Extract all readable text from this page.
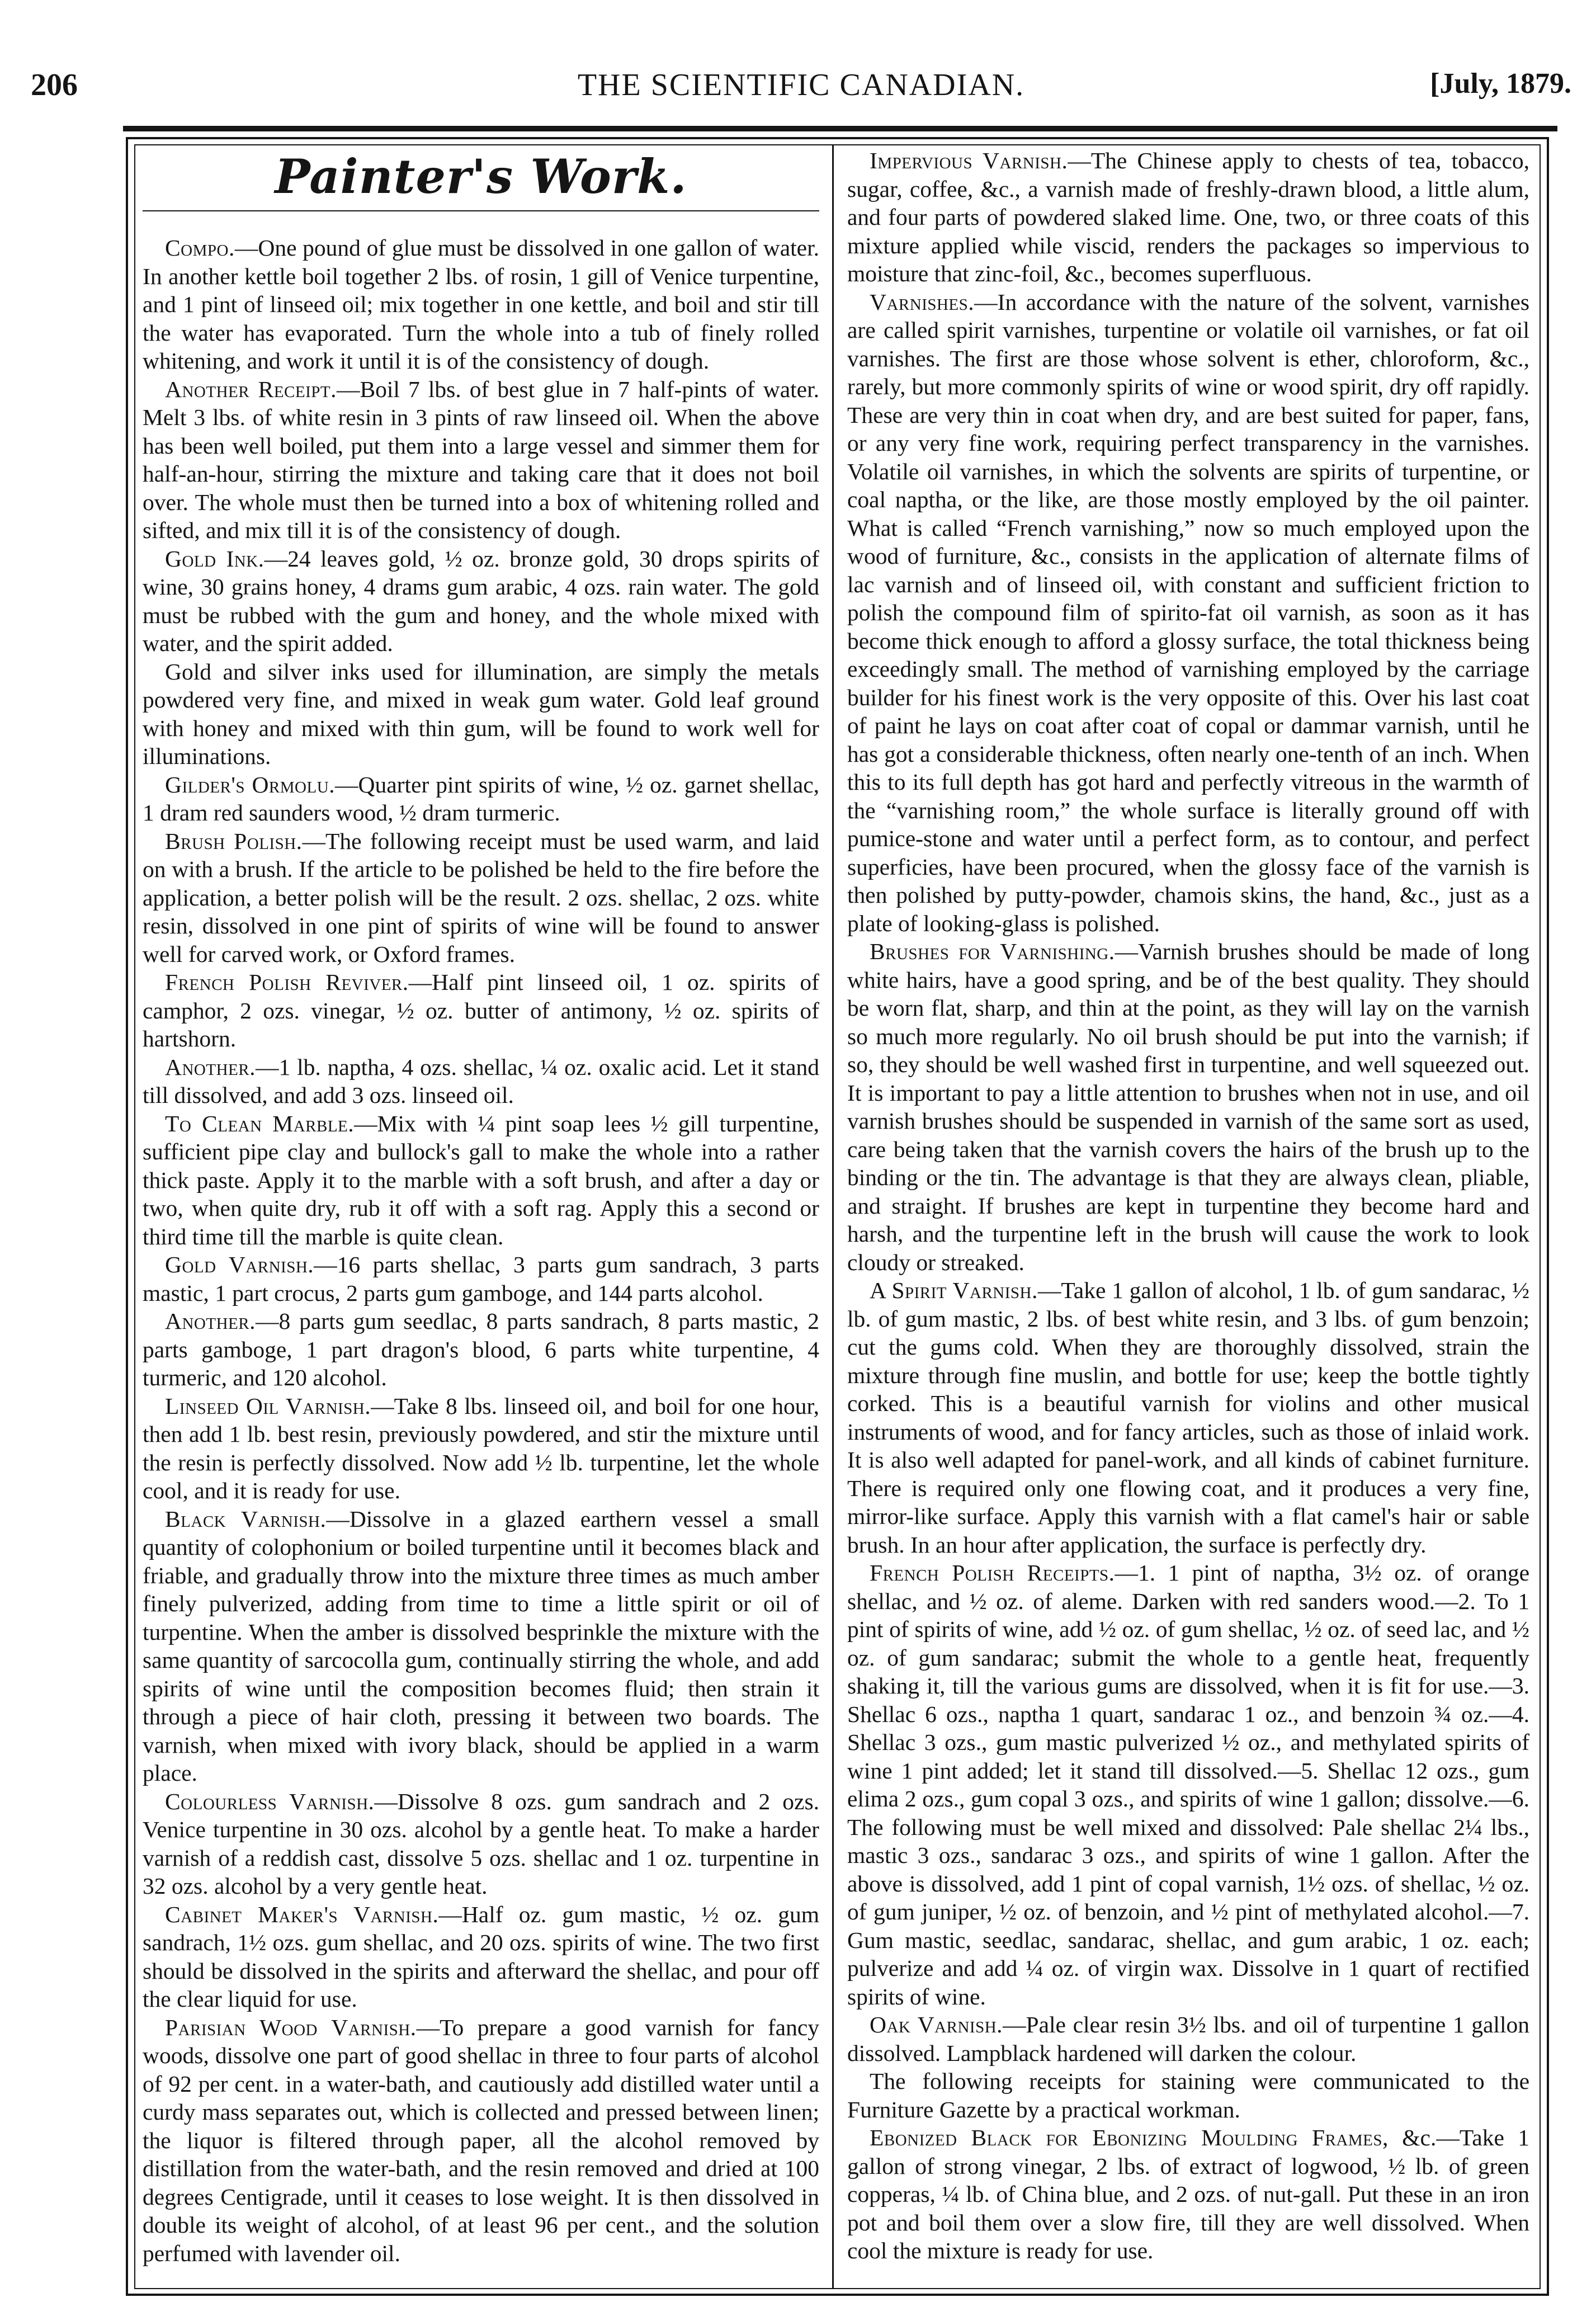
206	THE SCIENTIFIC CANADIAN.	[July, 1879.
Painter's Work.

Compo.—One pound of glue must be dissolved in one gallon of water. In another kettle boil together 2 lbs. of rosin, 1 gill of Venice turpentine, and 1 pint of linseed oil; mix together in one kettle, and boil and stir till the water has evaporated. Turn the whole into a tub of finely rolled whitening, and work it until it is of the consistency of dough.

Another Receipt.—Boil 7 lbs. of best glue in 7 half-pints of water. Melt 3 lbs. of white resin in 3 pints of raw linseed oil. When the above has been well boiled, put them into a large vessel and simmer them for half-an-hour, stirring the mixture and taking care that it does not boil over. The whole must then be turned into a box of whitening rolled and sifted, and mix till it is of the consistency of dough.

Gold Ink.—24 leaves gold, ½ oz. bronze gold, 30 drops spirits of wine, 30 grains honey, 4 drams gum arabic, 4 ozs. rain water. The gold must be rubbed with the gum and honey, and the whole mixed with water, and the spirit added.

Gold and silver inks used for illumination, are simply the metals powdered very fine, and mixed in weak gum water. Gold leaf ground with honey and mixed with thin gum, will be found to work well for illuminations.

Gilder's Ormolu.—Quarter pint spirits of wine, ½ oz. garnet shellac, 1 dram red saunders wood, ½ dram turmeric.

Brush Polish.—The following receipt must be used warm, and laid on with a brush. If the article to be polished be held to the fire before the application, a better polish will be the result. 2 ozs. shellac, 2 ozs. white resin, dissolved in one pint of spirits of wine will be found to answer well for carved work, or Oxford frames.

French Polish Reviver.—Half pint linseed oil, 1 oz. spirits of camphor, 2 ozs. vinegar, ½ oz. butter of antimony, ½ oz. spirits of hartshorn.

Another.—1 lb. naptha, 4 ozs. shellac, ¼ oz. oxalic acid. Let it stand till dissolved, and add 3 ozs. linseed oil.

To Clean Marble.—Mix with ¼ pint soap lees ½ gill turpentine, sufficient pipe clay and bullock's gall to make the whole into a rather thick paste. Apply it to the marble with a soft brush, and after a day or two, when quite dry, rub it off with a soft rag. Apply this a second or third time till the marble is quite clean.

Gold Varnish.—16 parts shellac, 3 parts gum sandrach, 3 parts mastic, 1 part crocus, 2 parts gum gamboge, and 144 parts alcohol.

Another.—8 parts gum seedlac, 8 parts sandrach, 8 parts mastic, 2 parts gamboge, 1 part dragon's blood, 6 parts white turpentine, 4 turmeric, and 120 alcohol.

Linseed Oil Varnish.—Take 8 lbs. linseed oil, and boil for one hour, then add 1 lb. best resin, previously powdered, and stir the mixture until the resin is perfectly dissolved. Now add ½ lb. turpentine, let the whole cool, and it is ready for use.

Black Varnish.—Dissolve in a glazed earthern vessel a small quantity of colophonium or boiled turpentine until it becomes black and friable, and gradually throw into the mixture three times as much amber finely pulverized, adding from time to time a little spirit or oil of turpentine. When the amber is dissolved besprinkle the mixture with the same quantity of sarcocolla gum, continually stirring the whole, and add spirits of wine until the composition becomes fluid; then strain it through a piece of hair cloth, pressing it between two boards. The varnish, when mixed with ivory black, should be applied in a warm place.

Colourless Varnish.—Dissolve 8 ozs. gum sandrach and 2 ozs. Venice turpentine in 30 ozs. alcohol by a gentle heat. To make a harder varnish of a reddish cast, dissolve 5 ozs. shellac and 1 oz. turpentine in 32 ozs. alcohol by a very gentle heat.

Cabinet Maker's Varnish.—Half oz. gum mastic, ½ oz. gum sandrach, 1½ ozs. gum shellac, and 20 ozs. spirits of wine. The two first should be dissolved in the spirits and afterward the shellac, and pour off the clear liquid for use.

Parisian Wood Varnish.—To prepare a good varnish for fancy woods, dissolve one part of good shellac in three to four parts of alcohol of 92 per cent. in a water-bath, and cautiously add distilled water until a curdy mass separates out, which is collected and pressed between linen; the liquor is filtered through paper, all the alcohol removed by distillation from the water-bath, and the resin removed and dried at 100 degrees Centigrade, until it ceases to lose weight. It is then dissolved in double its weight of alcohol, of at least 96 per cent., and the solution perfumed with lavender oil.

Impervious Varnish.—The Chinese apply to chests of tea, tobacco, sugar, coffee, &c., a varnish made of freshly-drawn blood, a little alum, and four parts of powdered slaked lime. One, two, or three coats of this mixture applied while viscid, renders the packages so impervious to moisture that zinc-foil, &c., becomes superfluous.

Varnishes.—In accordance with the nature of the solvent, varnishes are called spirit varnishes, turpentine or volatile oil varnishes, or fat oil varnishes. The first are those whose solvent is ether, chloroform, &c., rarely, but more commonly spirits of wine or wood spirit, dry off rapidly. These are very thin in coat when dry, and are best suited for paper, fans, or any very fine work, requiring perfect transparency in the varnishes. Volatile oil varnishes, in which the solvents are spirits of turpentine, or coal naptha, or the like, are those mostly employed by the oil painter. What is called “French varnishing,” now so much employed upon the wood of furniture, &c., consists in the application of alternate films of lac varnish and of linseed oil, with constant and sufficient friction to polish the compound film of spirito-fat oil varnish, as soon as it has become thick enough to afford a glossy surface, the total thickness being exceedingly small. The method of varnishing employed by the carriage builder for his finest work is the very opposite of this. Over his last coat of paint he lays on coat after coat of copal or dammar varnish, until he has got a considerable thickness, often nearly one-tenth of an inch. When this to its full depth has got hard and perfectly vitreous in the warmth of the “varnishing room,” the whole surface is literally ground off with pumice-stone and water until a perfect form, as to contour, and perfect superficies, have been procured, when the glossy face of the varnish is then polished by putty-powder, chamois skins, the hand, &c., just as a plate of looking-glass is polished.

Brushes for Varnishing.—Varnish brushes should be made of long white hairs, have a good spring, and be of the best quality. They should be worn flat, sharp, and thin at the point, as they will lay on the varnish so much more regularly. No oil brush should be put into the varnish; if so, they should be well washed first in turpentine, and well squeezed out. It is important to pay a little attention to brushes when not in use, and oil varnish brushes should be suspended in varnish of the same sort as used, care being taken that the varnish covers the hairs of the brush up to the binding or the tin. The advantage is that they are always clean, pliable, and straight. If brushes are kept in turpentine they become hard and harsh, and the turpentine left in the brush will cause the work to look cloudy or streaked.

A Spirit Varnish.—Take 1 gallon of alcohol, 1 lb. of gum sandarac, ½ lb. of gum mastic, 2 lbs. of best white resin, and 3 lbs. of gum benzoin; cut the gums cold. When they are thoroughly dissolved, strain the mixture through fine muslin, and bottle for use; keep the bottle tightly corked. This is a beautiful varnish for violins and other musical instruments of wood, and for fancy articles, such as those of inlaid work. It is also well adapted for panel-work, and all kinds of cabinet furniture. There is required only one flowing coat, and it produces a very fine, mirror-like surface. Apply this varnish with a flat camel's hair or sable brush. In an hour after application, the surface is perfectly dry.

French Polish Receipts.—1. 1 pint of naptha, 3½ oz. of orange shellac, and ½ oz. of aleme. Darken with red sanders wood.—2. To 1 pint of spirits of wine, add ½ oz. of gum shellac, ½ oz. of seed lac, and ½ oz. of gum sandarac; submit the whole to a gentle heat, frequently shaking it, till the various gums are dissolved, when it is fit for use.—3. Shellac 6 ozs., naptha 1 quart, sandarac 1 oz., and benzoin ¾ oz.—4. Shellac 3 ozs., gum mastic pulverized ½ oz., and methylated spirits of wine 1 pint added; let it stand till dissolved.—5. Shellac 12 ozs., gum elima 2 ozs., gum copal 3 ozs., and spirits of wine 1 gallon; dissolve.—6. The following must be well mixed and dissolved: Pale shellac 2¼ lbs., mastic 3 ozs., sandarac 3 ozs., and spirits of wine 1 gallon. After the above is dissolved, add 1 pint of copal varnish, 1½ ozs. of shellac, ½ oz. of gum juniper, ½ oz. of benzoin, and ½ pint of methylated alcohol.—7. Gum mastic, seedlac, sandarac, shellac, and gum arabic, 1 oz. each; pulverize and add ¼ oz. of virgin wax. Dissolve in 1 quart of rectified spirits of wine.

Oak Varnish.—Pale clear resin 3½ lbs. and oil of turpentine 1 gallon dissolved. Lampblack hardened will darken the colour.

The following receipts for staining were communicated to the Furniture Gazette by a practical workman.

Ebonized Black for Ebonizing Moulding Frames, &c.—Take 1 gallon of strong vinegar, 2 lbs. of extract of logwood, ½ lb. of green copperas, ¼ lb. of China blue, and 2 ozs. of nut-gall. Put these in an iron pot and boil them over a slow fire, till they are well dissolved. When cool the mixture is ready for use.
